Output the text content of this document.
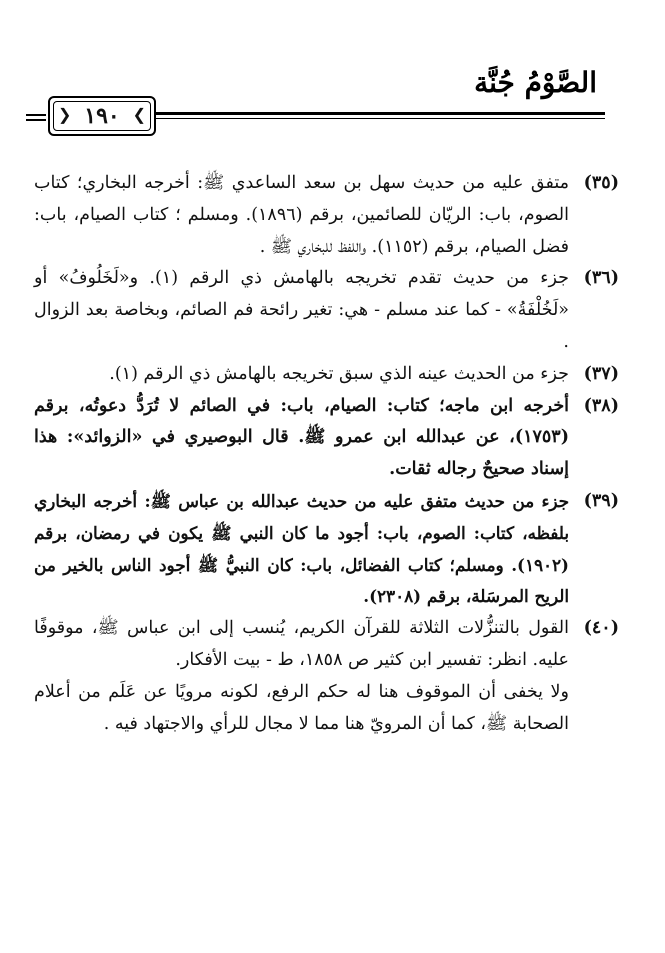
الصَّوْمُ جُنَّة
❮ ١٩٠ ❯
(٣٥)
متفق عليه من حديث سهل بن سعد الساعدي ﷺ: أخرجه البخاري؛ كتاب الصوم، باب: الريّان للصائمين، برقم (١٨٩٦). ومسلم ؛ كتاب الصيام، باب: فضل الصيام، برقم (١١٥٢). واللفظ للبخاري ﷺ .
(٣٦)
جزء من حديث تقدم تخريجه بالهامش ذي الرقم (١). و«لَخَلُوفُ» أو «لَخُلْفَةُ» - كما عند مسلم - هي: تغير رائحة فم الصائم، وبخاصة بعد الزوال .
(٣٧)
جزء من الحديث عينه الذي سبق تخريجه بالهامش ذي الرقم (١).
(٣٨)
أخرجه ابن ماجه؛ كتاب: الصيام، باب: في الصائم لا تُرَدُّ دعوتُه، برقم (١٧٥٣)، عن عبدالله ابن عمرو ﷺ. قال البوصيري في «الزوائد»: هذا إسناد صحيحٌ رجاله ثقات.
(٣٩)
جزء من حديث متفق عليه من حديث عبدالله بن عباس ﷺ: أخرجه البخاري بلفظه، كتاب: الصوم، باب: أجود ما كان النبي ﷺ يكون في رمضان، برقم (١٩٠٢). ومسلم؛ كتاب الفضائل، باب: كان النبيُّ ﷺ أجود الناس بالخير من الريح المرسَلة، برقم (٢٣٠٨).
(٤٠)
القول بالتنزُّلات الثلاثة للقرآن الكريم، يُنسب إلى ابن عباس ﷺ، موقوفًا عليه. انظر: تفسير ابن كثير ص ١٨٥٨، ط - بيت الأفكار.
ولا يخفى أن الموقوف هنا له حكم الرفع، لكونه مرويًا عن عَلَم من أعلام الصحابة ﷺ، كما أن المرويّ هنا مما لا مجال للرأي والاجتهاد فيه .
